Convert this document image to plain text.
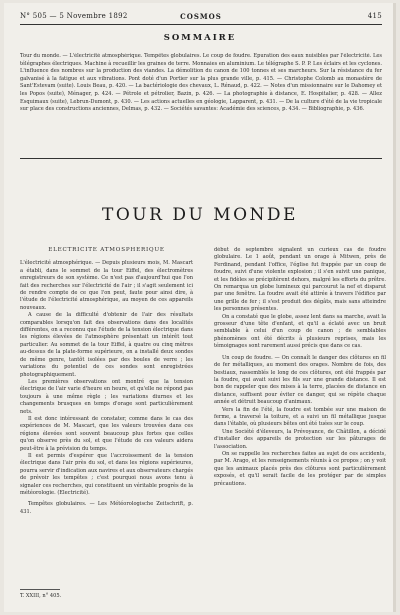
N° 505 — 5 Novembre 1892	COSMOS	415
SOMMAIRE
Tour du monde. — L'électricité atmosphérique. Tempêtes globulaires. Le coup de foudre. Épuration des eaux nuisibles par l'électricité. Les télégraphes électriques. Machine à recueillir les graines de terre. Monnaies en aluminium. Le télégraphe S. P. P. Les éclairs et les cyclones. L'influence des nombres sur la production des viandes. La démolition du canon de 100 tonnes et ses marcheurs. Sur la résistance du fer galvanisé à la fatigue et aux vibrations. Pont doté d'un Portier sur la plus grande ville, p. 415. — Christophe Colomb au monastère de Sant'Estevam (suite). Louis Beau, p. 420. — La bactériologie des chevaux, L. Rénaud, p. 422. — Notes d'un missionnaire sur le Dahomey et les Popos (suite), Ménager, p. 424. — Pétrole et pétrolier, Bazin, p. 426. — La photographie à distance, E. Hospitalier, p. 428. — Allez Esquimaux (suite), Lebrun-Dumont, p. 430. — Les actions actuelles en géologie, Lapparent, p. 431. — De la culture d'été de la vie tropicale sur place des constructions anciennes, Delmas, p. 432. — Sociétés savantes: Académie des sciences, p. 434. — Bibliographie, p. 436.
TOUR DU MONDE
ÉLECTRICITÉ ATMOSPHÉRIQUE

L'électricité atmosphérique. — Depuis plusieurs mois, M. Mascart a établi, dans le sommet de la tour Eiffel, des électromètres enregistreurs de son système. Ce n'est pas d'aujourd'hui que l'on fait des recherches sur l'électricité de l'air ; il s'agit seulement ici de rendre compte de ce que l'on peut, faute pour ainsi dire, à l'étude de l'électricité atmosphérique, au moyen de ces appareils nouveaux.

A cause de la difficulté d'obtenir de l'air des résultats comparables lorsqu'on fait des observations dans des localités différentes, on a reconnu que l'étude de la tension électrique dans les régions élevées de l'atmosphère présentait un intérêt tout particulier. Au sommet de la tour Eiffel, à quatre ou cinq mètres au-dessus de la plate-forme supérieure, on a installé deux sondes de même genre, tantôt isolées par des boules de verre ; les variations du potentiel de ces sondes sont enregistrées photographiquement.

Les premières observations ont montré que la tension électrique de l'air varie d'heure en heure, et qu'elle ne répond pas toujours à une même règle ; les variations diurnes et les changements brusques en temps d'orage sont particulièrement nets.

Il est donc intéressant de constater, comme dans le cas des expériences de M. Mascart, que les valeurs trouvées dans ces régions élevées sont souvent beaucoup plus fortes que celles qu'on observe près du sol, et que l'étude de ces valeurs aidera peut-être à la prévision du temps.

Il est permis d'espérer que l'accroissement de la tension électrique dans l'air près du sol, et dans les régions supérieures, pourra servir d'indication aux navires et aux observateurs chargés de prévoir les tempêtes ; c'est pourquoi nous avons tenu à signaler ces recherches, qui constituent un véritable progrès de la météorologie. (Electricité).

Tempêtes globulaires. — Les Météorologische Zeitschrift, p. 431.

début de septembre signalent un curieux cas de foudre globulaire. Le 1 août, pendant un orage à Mitwen, près de Ferdinand, pendant l'office, l'église fut frappée par un coup de foudre, suivi d'une violente explosion ; il s'en suivit une panique, et les fidèles se précipitèrent dehors, malgré les efforts du prêtre. On remarqua un globe lumineux qui parcourut la nef et disparut par une fenêtre. La foudre avait été attirée à travers l'édifice par une grille de fer ; il s'est produit des dégâts, mais sans atteindre les personnes présentes.

On a constaté que le globe, assez lent dans sa marche, avait la grosseur d'une tête d'enfant, et qu'il a éclaté avec un bruit semblable à celui d'un coup de canon ; de semblables phénomènes ont été décrits à plusieurs reprises, mais les témoignages sont rarement aussi précis que dans ce cas.

Un coup de foudre. — On connaît le danger des clôtures en fil de fer métalliques, au moment des orages. Nombre de fois, des bestiaux, rassemblés le long de ces clôtures, ont été frappés par la foudre, qui avait suivi les fils sur une grande distance. Il est bon de rappeler que des mises à la terre, placées de distance en distance, suffisent pour éviter ce danger, qui se répète chaque année et détruit beaucoup d'animaux.

Vers la fin de l'été, la foudre est tombée sur une maison de ferme, a traversé la toiture, et a suivi un fil métallique jusque dans l'étable, où plusieurs bêtes ont été tuées sur le coup.

Une Société d'éleveurs, la Prévoyance, de Châtillon, a décidé d'installer des appareils de protection sur les pâturages de l'association.

On se rappelle les recherches faites au sujet de ces accidents, par M. Arago, et les renseignements réunis à ce propos ; on y voit que les animaux placés près des clôtures sont particulièrement exposés, et qu'il serait facile de les protéger par de simples précautions.

T. XXIII, n° 405.
